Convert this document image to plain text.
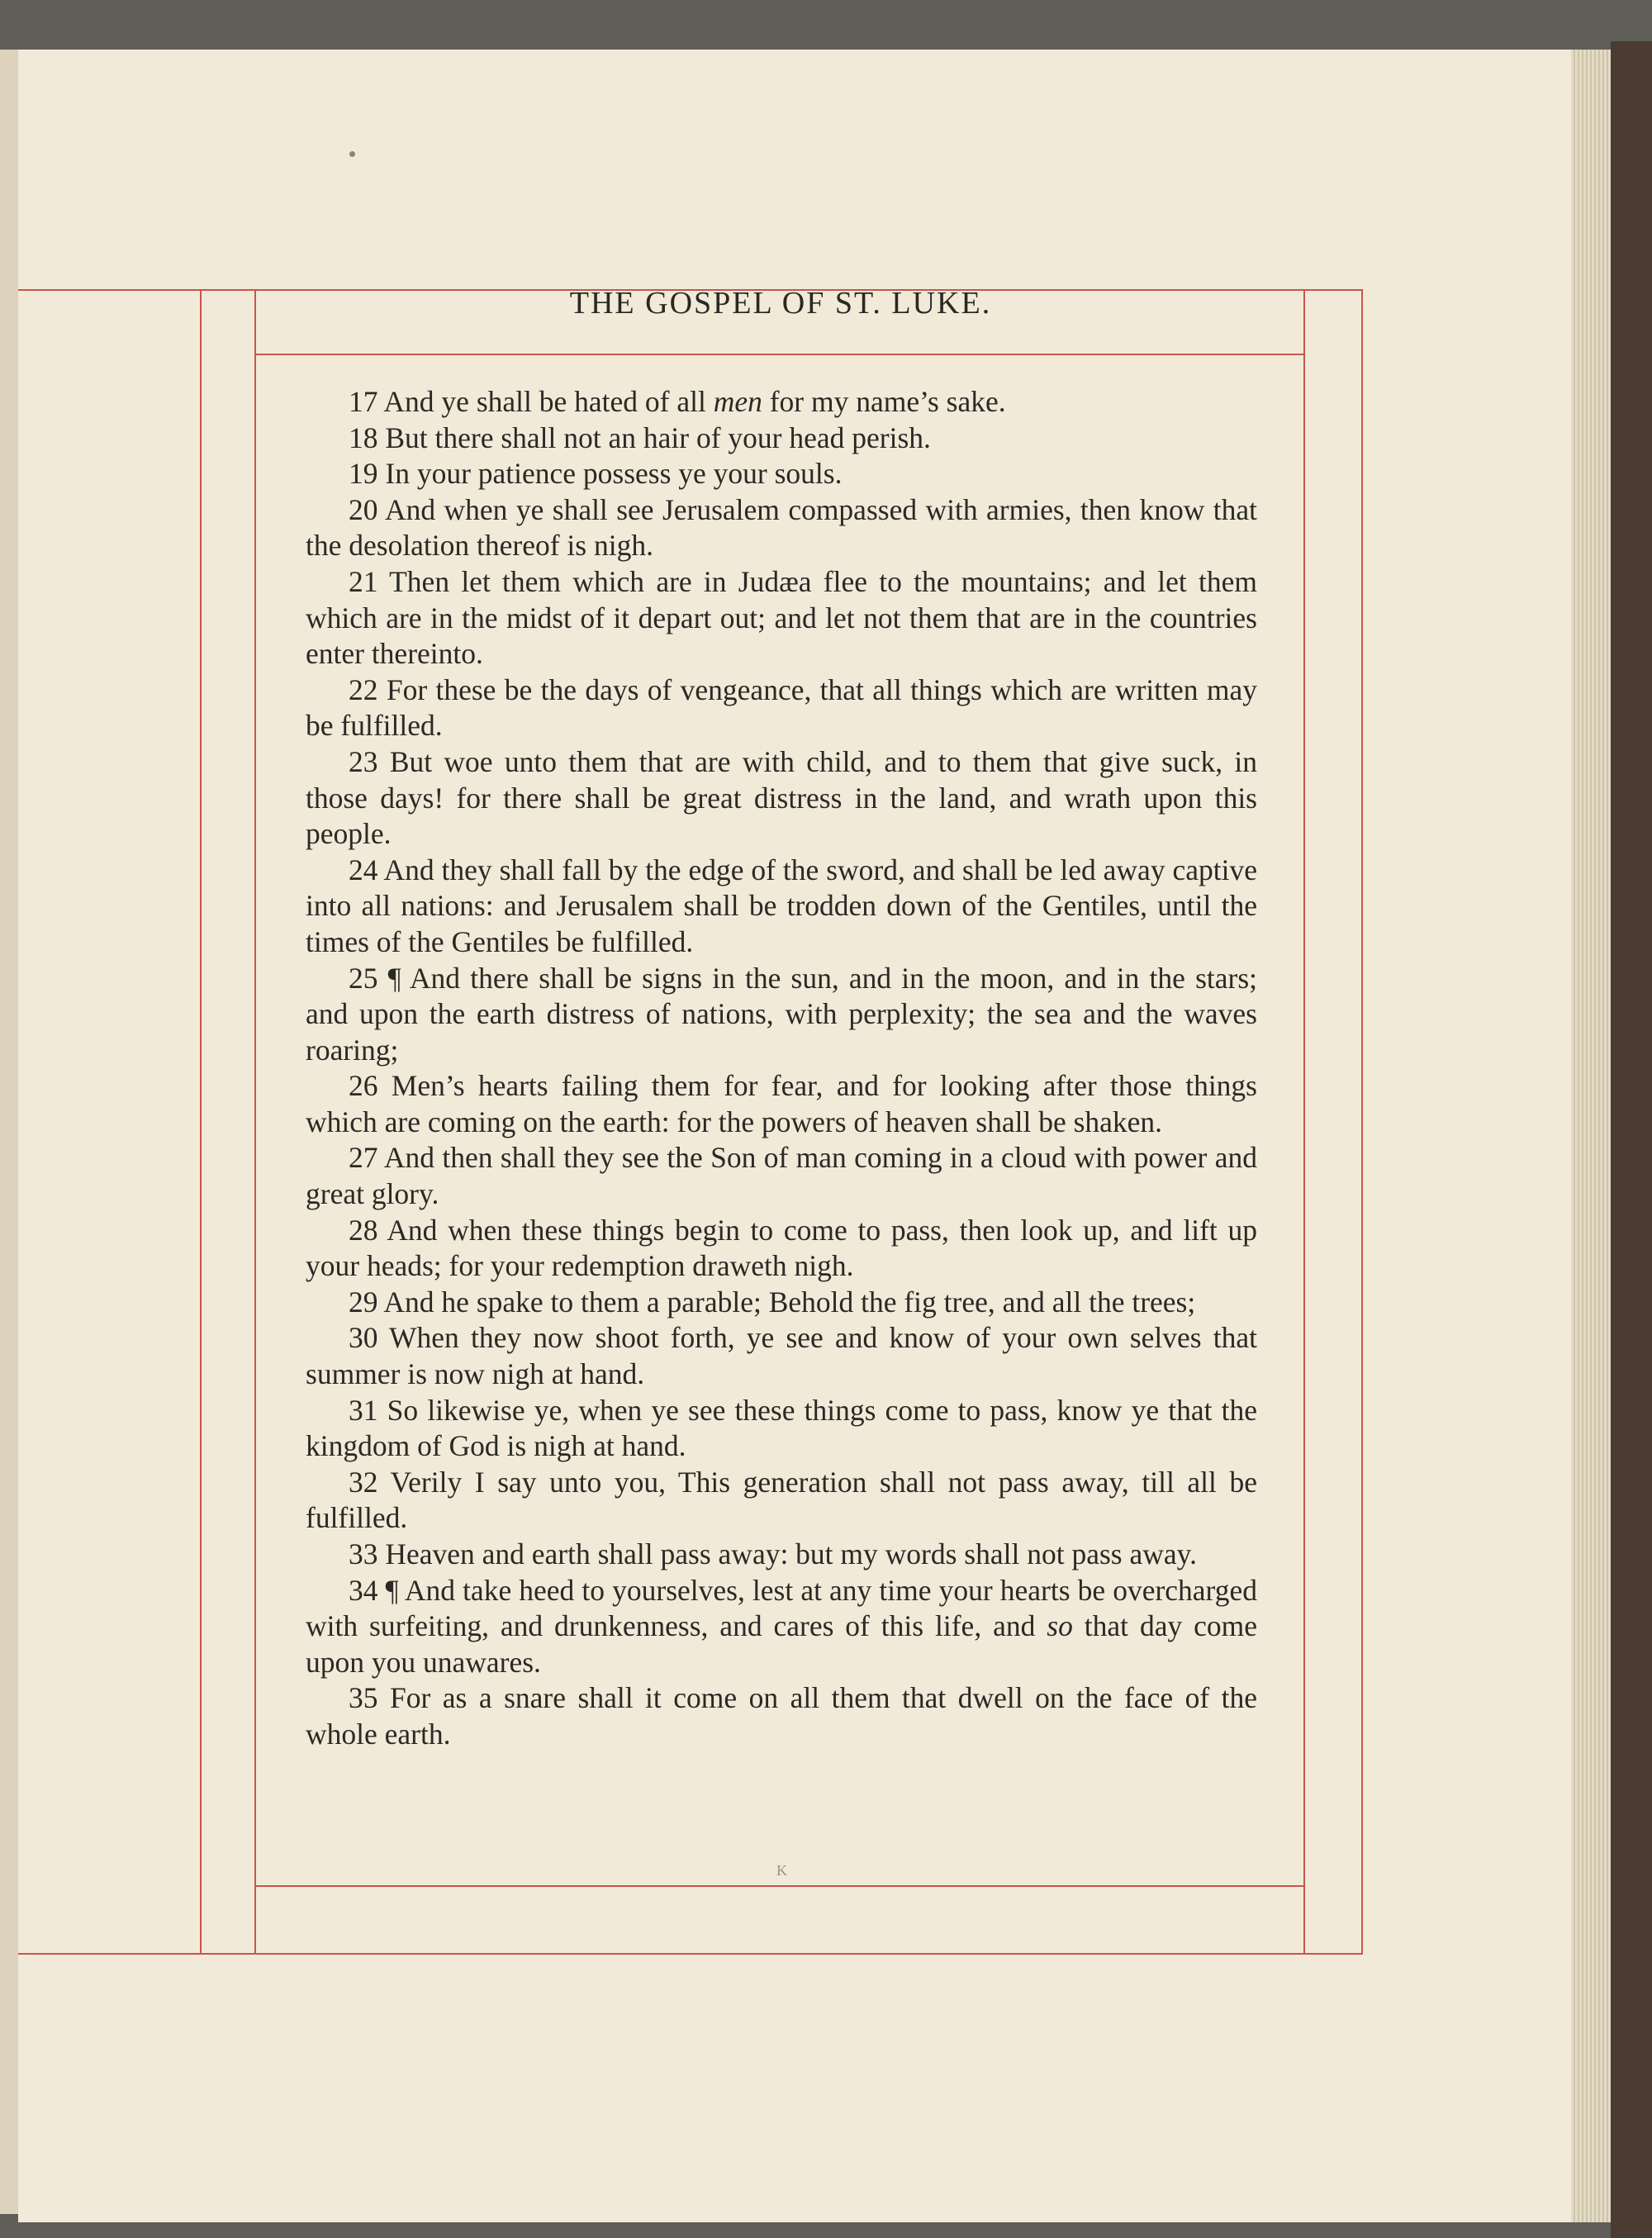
THE GOSPEL OF ST. LUKE.

17 And ye shall be hated of all men for my name’s sake.

18 But there shall not an hair of your head perish.

19 In your patience possess ye your souls.

20 And when ye shall see Jerusalem compassed with armies, then know that the desolation thereof is nigh.

21 Then let them which are in Judæa flee to the mountains; and let them which are in the midst of it depart out; and let not them that are in the countries enter thereinto.

22 For these be the days of vengeance, that all things which are written may be fulfilled.

23 But woe unto them that are with child, and to them that give suck, in those days! for there shall be great distress in the land, and wrath upon this people.

24 And they shall fall by the edge of the sword, and shall be led away captive into all nations: and Jerusalem shall be trodden down of the Gentiles, until the times of the Gentiles be fulfilled.

25 ¶ And there shall be signs in the sun, and in the moon, and in the stars; and upon the earth distress of nations, with perplexity; the sea and the waves roaring;

26 Men’s hearts failing them for fear, and for looking after those things which are coming on the earth: for the powers of heaven shall be shaken.

27 And then shall they see the Son of man coming in a cloud with power and great glory.

28 And when these things begin to come to pass, then look up, and lift up your heads; for your redemption draweth nigh.

29 And he spake to them a parable; Behold the fig tree, and all the trees;

30 When they now shoot forth, ye see and know of your own selves that summer is now nigh at hand.

31 So likewise ye, when ye see these things come to pass, know ye that the kingdom of God is nigh at hand.

32 Verily I say unto you, This generation shall not pass away, till all be fulfilled.

33 Heaven and earth shall pass away: but my words shall not pass away.

34 ¶ And take heed to yourselves, lest at any time your hearts be overcharged with surfeiting, and drunkenness, and cares of this life, and so that day come upon you unawares.

35 For as a snare shall it come on all them that dwell on the face of the whole earth.

K
